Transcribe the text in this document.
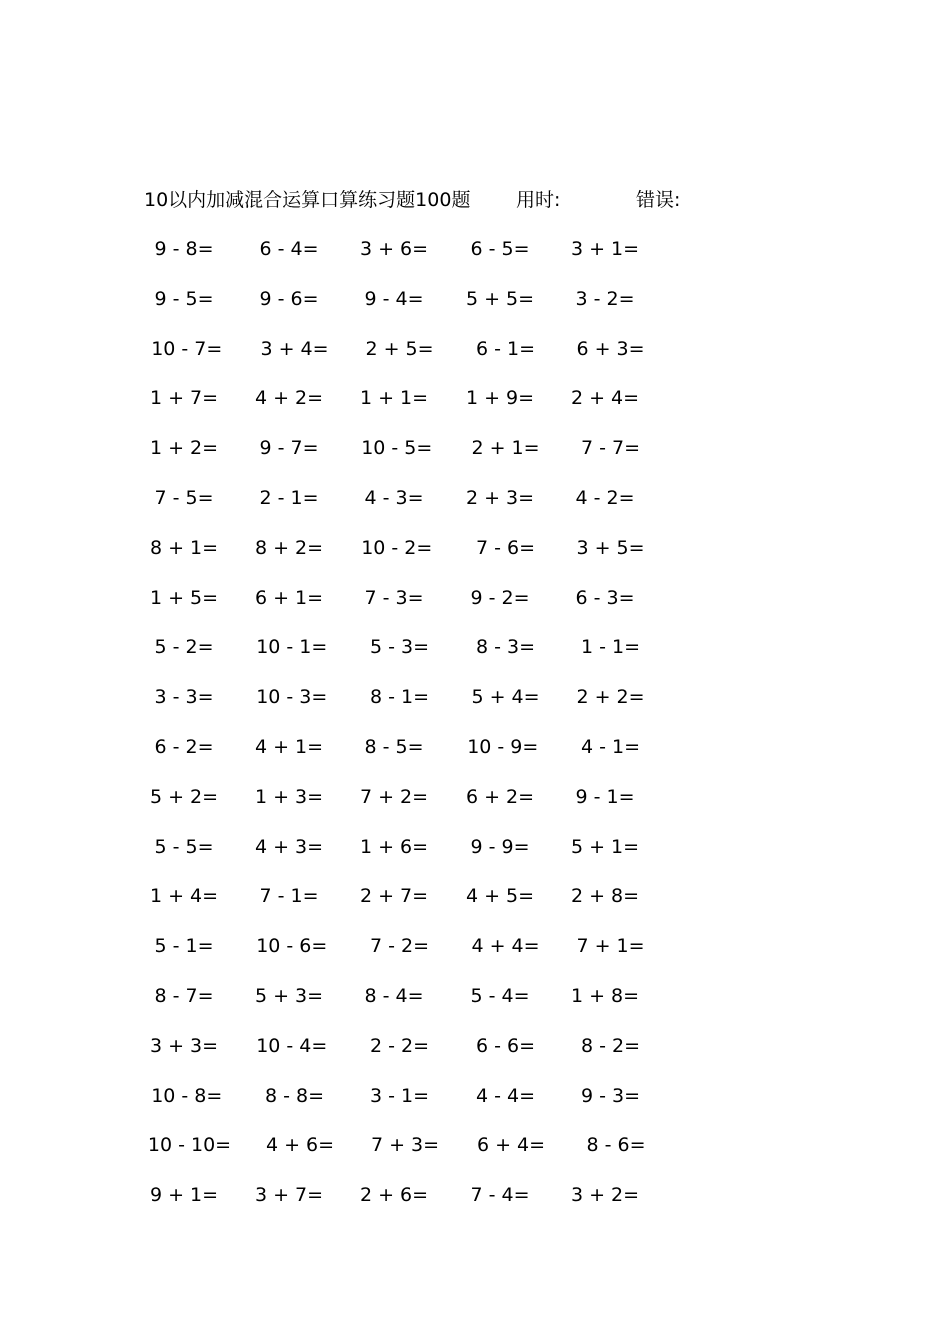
10以内加减混合运算口算练习题100题 用时:	错误:
9 - 8= 6 - 4= 3 + 6= 6 - 5= 3 + 1=
9 - 5= 9 - 6= 9 - 4= 5 + 5= 3 - 2=
10 - 7= 3 + 4= 2 + 5= 6 - 1= 6 + 3=
1 + 7= 4 + 2= 1 + 1= 1 + 9= 2 + 4=
1 + 2= 9 - 7= 10 - 5= 2 + 1= 7 - 7=
7 - 5= 2 - 1= 4 - 3= 2 + 3= 4 - 2=
8 + 1= 8 + 2= 10 - 2= 7 - 6= 3 + 5=
1 + 5= 6 + 1= 7 - 3= 9 - 2= 6 - 3=
5 - 2= 10 - 1= 5 - 3= 8 - 3= 1 - 1=
3 - 3= 10 - 3= 8 - 1= 5 + 4= 2 + 2=
6 - 2= 4 + 1= 8 - 5= 10 - 9= 4 - 1=
5 + 2= 1 + 3= 7 + 2= 6 + 2= 9 - 1=
5 - 5= 4 + 3= 1 + 6= 9 - 9= 5 + 1=
1 + 4= 7 - 1= 2 + 7= 4 + 5= 2 + 8=
5 - 1= 10 - 6= 7 - 2= 4 + 4= 7 + 1=
8 - 7= 5 + 3= 8 - 4= 5 - 4= 1 + 8=
3 + 3= 10 - 4= 2 - 2= 6 - 6= 8 - 2=
10 - 8= 8 - 8= 3 - 1= 4 - 4= 9 - 3=
10 - 10= 4 + 6= 7 + 3= 6 + 4= 8 - 6=
9 + 1= 3 + 7= 2 + 6= 7 - 4= 3 + 2=
